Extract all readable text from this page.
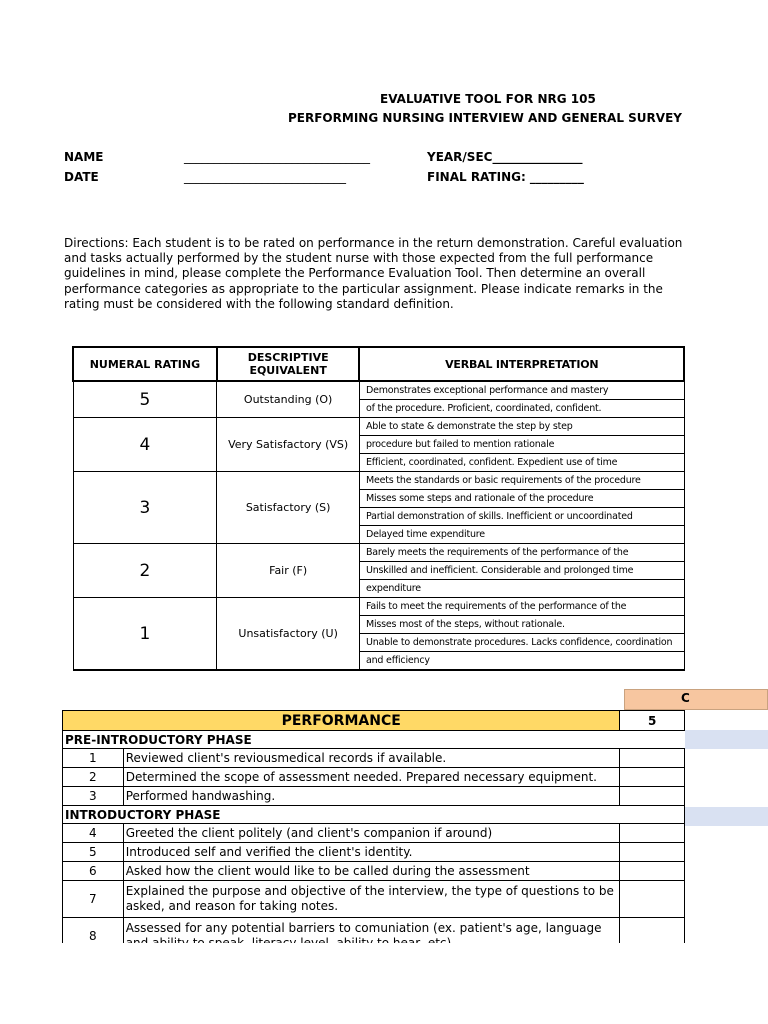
EVALUATIVE TOOL FOR NRG 105
PERFORMING NURSING INTERVIEW AND GENERAL SURVEY
NAME	_______________________________
DATE	___________________________
YEAR/SEC_______________
FINAL RATING: _________
Directions: Each student is to be rated on performance in the return demonstration. Careful evaluation
and tasks actually performed by the student nurse with those expected from the full performance
guidelines in mind, please complete the Performance Evaluation Tool. Then determine an overall
performance categories as appropriate to the particular assignment. Please indicate remarks in the
rating must be considered with the following standard definition.
NUMERAL RATING	DESCRIPTIVE EQUIVALENT	VERBAL INTERPRETATION
5	Outstanding (O)	Demonstrates exceptional performance and mastery
		of the procedure. Proficient, coordinated, confident.
4	Very Satisfactory (VS)	Able to state & demonstrate the step by step
		procedure but failed to mention rationale
		Efficient, coordinated, confident. Expedient use of time
3	Satisfactory (S)	Meets the standards or basic requirements of the procedure
		Misses some steps and rationale of the procedure
		Partial demonstration of skills. Inefficient or uncoordinated
		Delayed time expenditure
2	Fair (F)	Barely meets the requirements of the performance of the
		Unskilled and inefficient. Considerable and prolonged time
		expenditure
1	Unsatisfactory (U)	Fails to meet the requirements of the performance of the
		Misses most of the steps, without rationale.
		Unable to demonstrate procedures. Lacks confidence, coordination
		and efficiency
PERFORMANCE		5
PRE-INTRODUCTORY PHASE		
1	Reviewed client's reviousmedical records if available.	
2	Determined the scope of assessment needed. Prepared necessary equipment.	
3	Performed handwashing.	
INTRODUCTORY PHASE		
4	Greeted the client politely (and client's companion if around)	
5	Introduced self and verified the client's identity.	
6	Asked how the client would like to be called during the assessment	
7	Explained the purpose and objective of the interview, the type of questions to be asked, and reason for taking notes.	
8	Assessed for any potential barriers to comuniation (ex. patient's age, language	
C
